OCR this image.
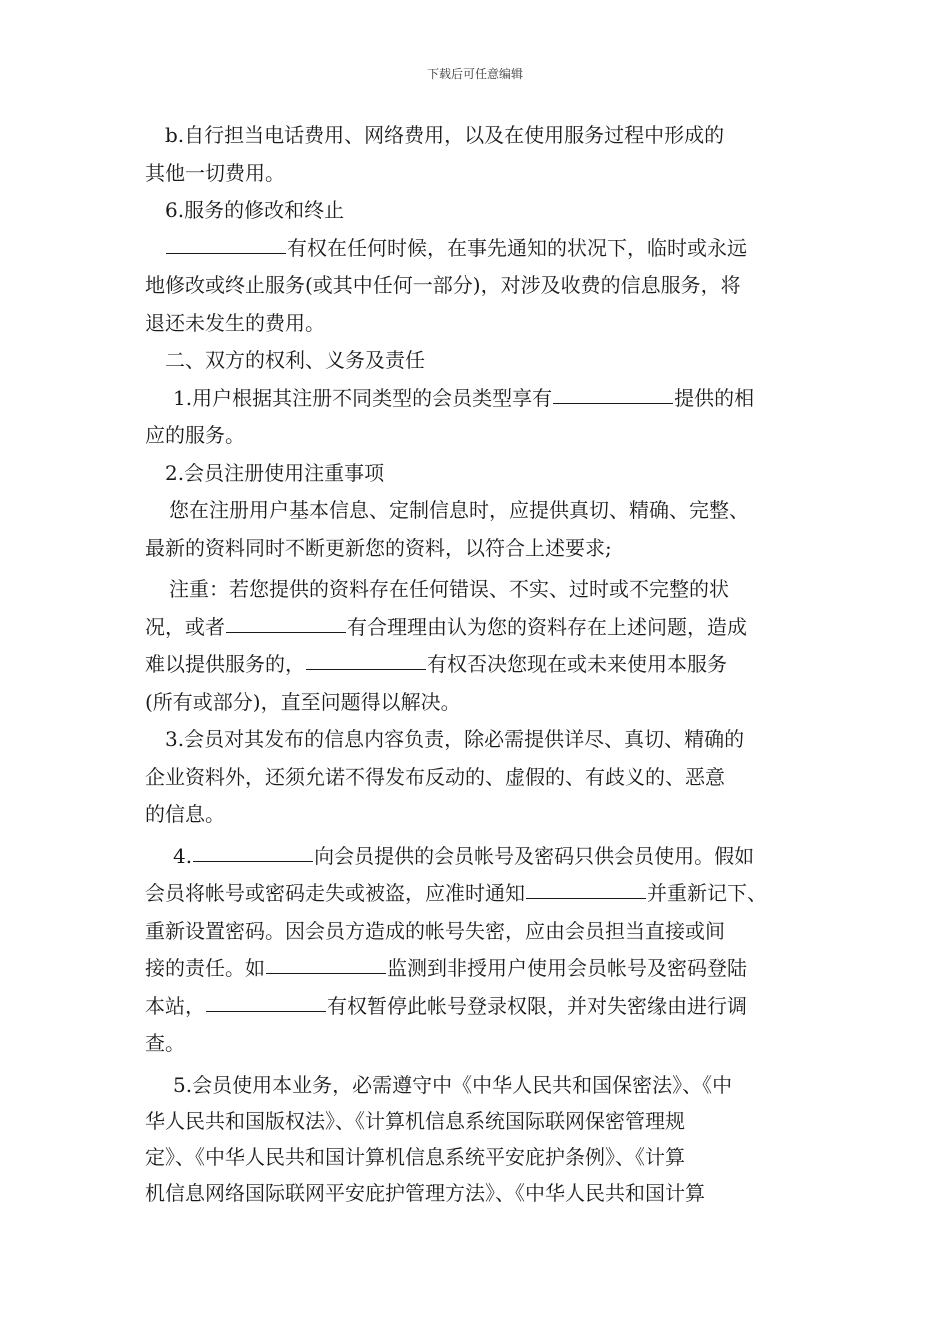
下载后可任意编辑

b.自行担当电话费用、网络费用，以及在使用服务过程中形成的

其他一切费用。

6.服务的修改和终止

有权在任何时候，在事先通知的状况下，临时或永远

地修改或终止服务(或其中任何一部分)，对涉及收费的信息服务，将

退还未发生的费用。

二、双方的权利、义务及责任

1.用户根据其注册不同类型的会员类型享有	提供的相

应的服务。

2.会员注册使用注重事项

您在注册用户基本信息、定制信息时，应提供真切、精确、完整、

最新的资料同时不断更新您的资料，以符合上述要求;

注重：若您提供的资料存在任何错误、不实、过时或不完整的状

况，或者	有合理理由认为您的资料存在上述问题，造成

难以提供服务的，	有权否决您现在或未来使用本服务

(所有或部分)，直至问题得以解决。

3.会员对其发布的信息内容负责，除必需提供详尽、真切、精确的

企业资料外，还须允诺不得发布反动的、虚假的、有歧义的、恶意

的信息。

4.	向会员提供的会员帐号及密码只供会员使用。假如

会员将帐号或密码走失或被盗，应准时通知	并重新记下、

重新设置密码。因会员方造成的帐号失密，应由会员担当直接或间

接的责任。如	监测到非授用户使用会员帐号及密码登陆

本站，	有权暂停此帐号登录权限，并对失密缘由进行调

查。

5.会员使用本业务，必需遵守中《中华人民共和国保密法》、《中

华人民共和国版权法》、《计算机信息系统国际联网保密管理规

定》、《中华人民共和国计算机信息系统平安庇护条例》、《计算

机信息网络国际联网平安庇护管理方法》、《中华人民共和国计算
